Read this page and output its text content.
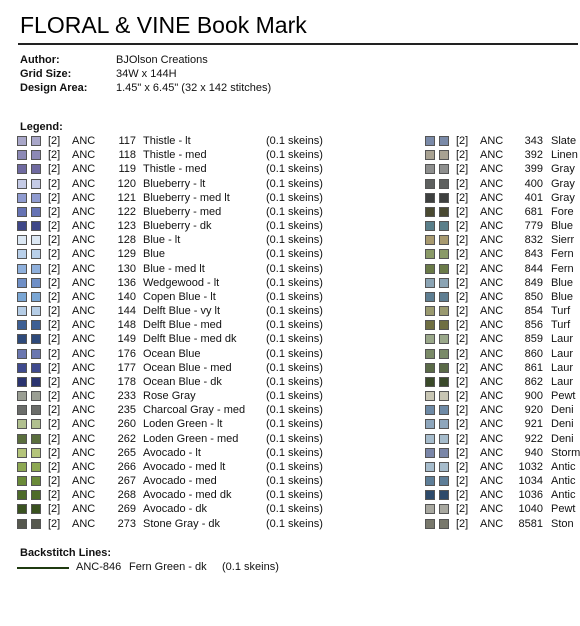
FLORAL & VINE Book Mark
Author:	BJOlson Creations
Grid Size:	34W x 144H
Design Area:	1.45" x 6.45" (32 x 142 stitches)
Legend:
[2] ANC	117 Thistle - lt	(0.1 skeins)
[2] ANC	118 Thistle - med	(0.1 skeins)
[2] ANC	119 Thistle - med	(0.1 skeins)
[2] ANC	120 Blueberry - lt	(0.1 skeins)
[2] ANC	121 Blueberry - med lt	(0.1 skeins)
[2] ANC	122 Blueberry - med	(0.1 skeins)
[2] ANC	123 Blueberry - dk	(0.1 skeins)
[2] ANC	128 Blue - lt	(0.1 skeins)
[2] ANC	129 Blue	(0.1 skeins)
[2] ANC	130 Blue - med lt	(0.1 skeins)
[2] ANC	136 Wedgewood - lt	(0.1 skeins)
[2] ANC	140 Copen Blue - lt	(0.1 skeins)
[2] ANC	144 Delft Blue - vy lt	(0.1 skeins)
[2] ANC	148 Delft Blue - med	(0.1 skeins)
[2] ANC	149 Delft Blue - med dk	(0.1 skeins)
[2] ANC	176 Ocean Blue	(0.1 skeins)
[2] ANC	177 Ocean Blue - med	(0.1 skeins)
[2] ANC	178 Ocean Blue - dk	(0.1 skeins)
[2] ANC	233 Rose Gray	(0.1 skeins)
[2] ANC	235 Charcoal Gray - med (0.1 skeins)
[2] ANC	260 Loden Green - lt	(0.1 skeins)
[2] ANC	262 Loden Green - med	(0.1 skeins)
[2] ANC	265 Avocado - lt	(0.1 skeins)
[2] ANC	266 Avocado - med lt	(0.1 skeins)
[2] ANC	267 Avocado - med	(0.1 skeins)
[2] ANC	268 Avocado - med dk	(0.1 skeins)
[2] ANC	269 Avocado - dk	(0.1 skeins)
[2] ANC	273 Stone Gray - dk	(0.1 skeins)
[2] ANC	343 Slate
[2] ANC	392 Linen
[2] ANC	399 Gray
[2] ANC	400 Gray
[2] ANC	401 Gray
[2] ANC	681 Fore
[2] ANC	779 Blue
[2] ANC	832 Sierr
[2] ANC	843 Fern
[2] ANC	844 Fern
[2] ANC	849 Blue
[2] ANC	850 Blue
[2] ANC	854 Turf
[2] ANC	856 Turf
[2] ANC	859 Laur
[2] ANC	860 Laur
[2] ANC	861 Laur
[2] ANC	862 Laur
[2] ANC	900 Pewt
[2] ANC	920 Deni
[2] ANC	921 Deni
[2] ANC	922 Deni
[2] ANC	940 Storm
[2] ANC	1032 Antic
[2] ANC	1034 Antic
[2] ANC	1036 Antic
[2] ANC	1040 Pewt
[2] ANC	8581 Ston
Backstitch Lines:
ANC-846 Fern Green - dk (0.1 skeins)
